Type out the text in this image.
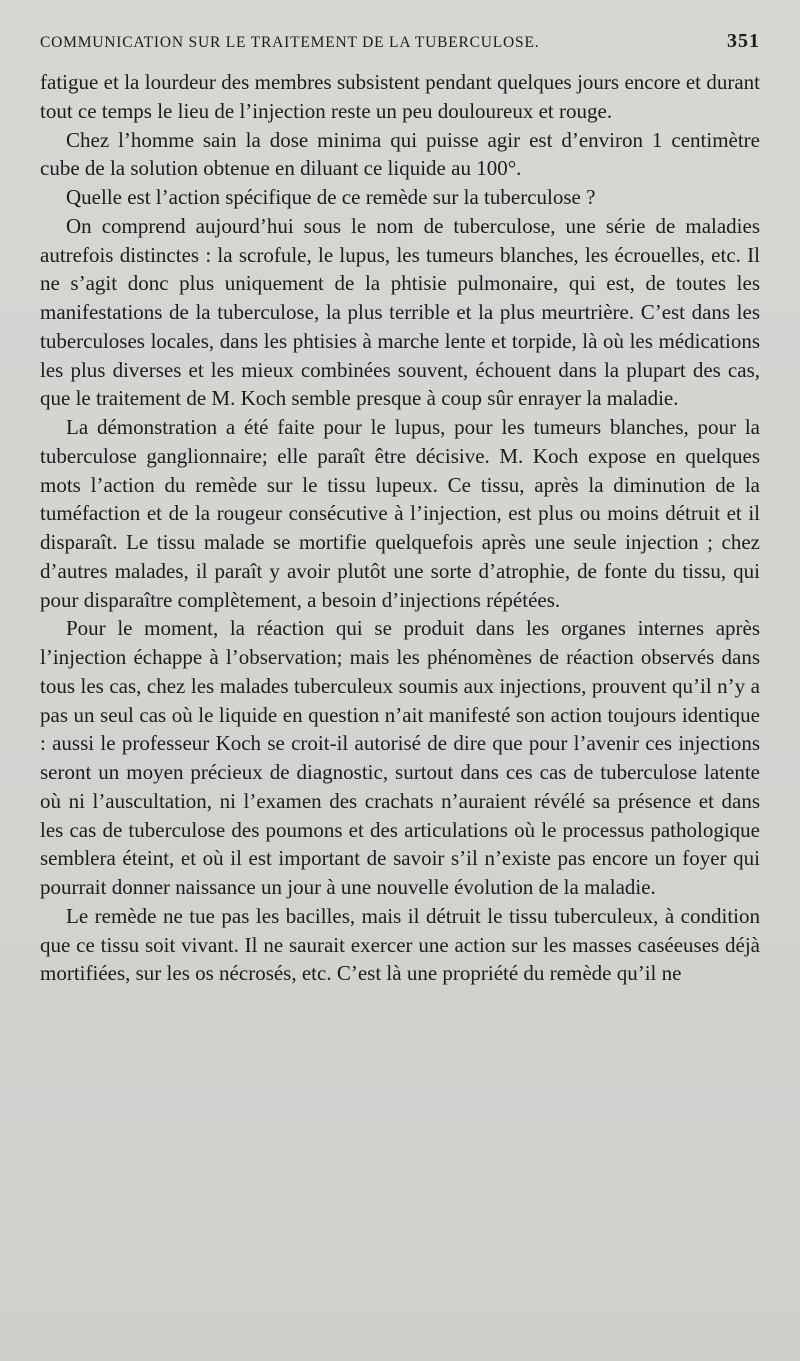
COMMUNICATION SUR LE TRAITEMENT DE LA TUBERCULOSE.	351

fatigue et la lourdeur des membres subsistent pendant quelques jours encore et durant tout ce temps le lieu de l’injection reste un peu douloureux et rouge.

Chez l’homme sain la dose minima qui puisse agir est d’environ 1 centimètre cube de la solution obtenue en diluant ce liquide au 100°.

Quelle est l’action spécifique de ce remède sur la tuberculose ?

On comprend aujourd’hui sous le nom de tuberculose, une série de maladies autrefois distinctes : la scrofule, le lupus, les tumeurs blanches, les écrouelles, etc. Il ne s’agit donc plus uniquement de la phtisie pulmonaire, qui est, de toutes les manifestations de la tuberculose, la plus terrible et la plus meurtrière. C’est dans les tuberculoses locales, dans les phtisies à marche lente et torpide, là où les médications les plus diverses et les mieux combinées souvent, échouent dans la plupart des cas, que le traitement de M. Koch semble presque à coup sûr enrayer la maladie.

La démonstration a été faite pour le lupus, pour les tumeurs blanches, pour la tuberculose ganglionnaire; elle paraît être décisive. M. Koch expose en quelques mots l’action du remède sur le tissu lupeux. Ce tissu, après la diminution de la tuméfaction et de la rougeur consécutive à l’injection, est plus ou moins détruit et il disparaît. Le tissu malade se mortifie quelquefois après une seule injection ; chez d’autres malades, il paraît y avoir plutôt une sorte d’atrophie, de fonte du tissu, qui pour disparaître complètement, a besoin d’injections répétées.

Pour le moment, la réaction qui se produit dans les organes internes après l’injection échappe à l’observation; mais les phénomènes de réaction observés dans tous les cas, chez les malades tuberculeux soumis aux injections, prouvent qu’il n’y a pas un seul cas où le liquide en question n’ait manifesté son action toujours identique : aussi le professeur Koch se croit-il autorisé de dire que pour l’avenir ces injections seront un moyen précieux de diagnostic, surtout dans ces cas de tuberculose latente où ni l’auscultation, ni l’examen des crachats n’auraient révélé sa présence et dans les cas de tuberculose des poumons et des articulations où le processus pathologique semblera éteint, et où il est important de savoir s’il n’existe pas encore un foyer qui pourrait donner naissance un jour à une nouvelle évolution de la maladie.

Le remède ne tue pas les bacilles, mais il détruit le tissu tuberculeux, à condition que ce tissu soit vivant. Il ne saurait exercer une action sur les masses caséeuses déjà mortifiées, sur les os nécrosés, etc. C’est là une propriété du remède qu’il ne
